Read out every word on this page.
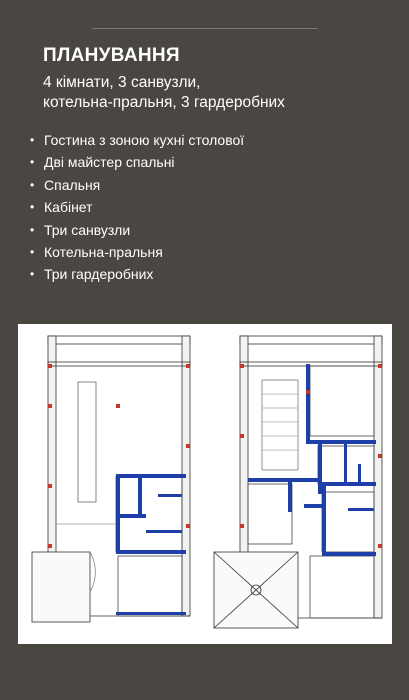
ПЛАНУВАННЯ
4 кімнати, 3 санвузли,
котельна-пральня, 3 гардеробних
• Гостина з зоною кухні столової
• Дві майстер спальні
• Спальня
• Кабінет
• Три санвузли
• Котельна-пральня
• Три гардеробних
